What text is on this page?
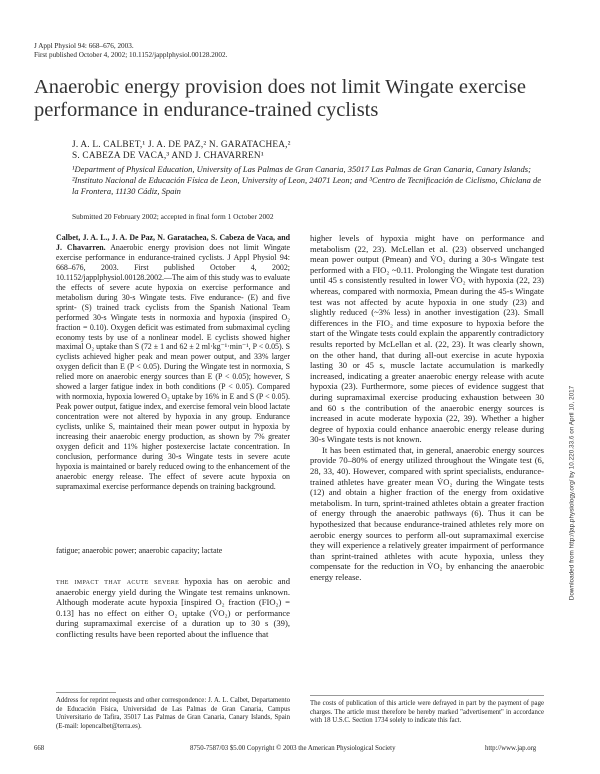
J Appl Physiol 94: 668–676, 2003.
First published October 4, 2002; 10.1152/japplphysiol.00128.2002.
Anaerobic energy provision does not limit Wingate exercise performance in endurance-trained cyclists
J. A. L. CALBET,¹ J. A. DE PAZ,² N. GARATACHEA,²
S. CABEZA DE VACA,³ AND J. CHAVARREN¹
¹Department of Physical Education, University of Las Palmas de Gran Canaria, 35017 Las Palmas de Gran Canaria, Canary Islands; ²Instituto Nacional de Educación Física de Leon, University of Leon, 24071 Leon; and ³Centro de Tecnificación de Ciclismo, Chiclana de la Frontera, 11130 Cádiz, Spain
Submitted 20 February 2002; accepted in final form 1 October 2002
Calbet, J. A. L., J. A. De Paz, N. Garatachea, S. Cabeza de Vaca, and J. Chavarren. Anaerobic energy provision does not limit Wingate exercise performance in endurance-trained cyclists. J Appl Physiol 94: 668–676, 2003. First published October 4, 2002; 10.1152/japplphysiol.00128.2002.—The aim of this study was to evaluate the effects of severe acute hypoxia on exercise performance and metabolism during 30-s Wingate tests. Five endurance- (E) and five sprint- (S) trained track cyclists from the Spanish National Team performed 30-s Wingate tests in normoxia and hypoxia (inspired O₂ fraction = 0.10). Oxygen deficit was estimated from submaximal cycling economy tests by use of a nonlinear model. E cyclists showed higher maximal O₂ uptake than S (72 ± 1 and 62 ± 2 ml·kg⁻¹·min⁻¹, P < 0.05). S cyclists achieved higher peak and mean power output, and 33% larger oxygen deficit than E (P < 0.05). During the Wingate test in normoxia, S relied more on anaerobic energy sources than E (P < 0.05); however, S showed a larger fatigue index in both conditions (P < 0.05). Compared with normoxia, hypoxia lowered O₂ uptake by 16% in E and S (P < 0.05). Peak power output, fatigue index, and exercise femoral vein blood lactate concentration were not altered by hypoxia in any group. Endurance cyclists, unlike S, maintained their mean power output in hypoxia by increasing their anaerobic energy production, as shown by 7% greater oxygen deficit and 11% higher postexercise lactate concentration. In conclusion, performance during 30-s Wingate tests in severe acute hypoxia is maintained or barely reduced owing to the enhancement of the anaerobic energy release. The effect of severe acute hypoxia on supramaximal exercise performance depends on training background.
fatigue; anaerobic power; anaerobic capacity; lactate
the impact that acute severe hypoxia has on aerobic and anaerobic energy yield during the Wingate test remains unknown. Although moderate acute hypoxia [inspired O₂ fraction (FIO₂) = 0.13] has no effect on either O₂ uptake (V̇O₂) or performance during supramaximal exercise of a duration up to 30 s (39), conflicting results have been reported about the influence that
higher levels of hypoxia might have on performance and metabolism (22, 23). McLellan et al. (23) observed unchanged mean power output (Pmean) and V̇O₂ during a 30-s Wingate test performed with a FIO₂ ~0.11. Prolonging the Wingate test duration until 45 s consistently resulted in lower V̇O₂ with hypoxia (22, 23) whereas, compared with normoxia, Pmean during the 45-s Wingate test was not affected by acute hypoxia in one study (23) and slightly reduced (~3% less) in another investigation (23). Small differences in the FIO₂ and time exposure to hypoxia before the start of the Wingate tests could explain the apparently contradictory results reported by McLellan et al. (22, 23). It was clearly shown, on the other hand, that during all-out exercise in acute hypoxia lasting 30 or 45 s, muscle lactate accumulation is markedly increased, indicating a greater anaerobic energy release with acute hypoxia (23). Furthermore, some pieces of evidence suggest that during supramaximal exercise producing exhaustion between 30 and 60 s the contribution of the anaerobic energy sources is increased in acute moderate hypoxia (22, 39). Whether a higher degree of hypoxia could enhance anaerobic energy release during 30-s Wingate tests is not known.
It has been estimated that, in general, anaerobic energy sources provide 70–80% of energy utilized throughout the Wingate test (6, 28, 33, 40). However, compared with sprint specialists, endurance-trained athletes have greater mean V̇O₂ during the Wingate tests (12) and obtain a higher fraction of the energy from oxidative metabolism. In turn, sprint-trained athletes obtain a greater fraction of energy through the anaerobic pathways (6). Thus it can be hypothesized that because endurance-trained athletes rely more on aerobic energy sources to perform all-out supramaximal exercise they will experience a relatively greater impairment of performance than sprint-trained athletes with acute hypoxia, unless they compensate for the reduction in V̇O₂ by enhancing the anaerobic energy release.
Address for reprint requests and other correspondence: J. A. L. Calbet, Departamento de Educación Física, Universidad de Las Palmas de Gran Canaria, Campus Universitario de Tafira, 35017 Las Palmas de Gran Canaria, Canary Islands, Spain (E-mail: lopencalbet@terra.es).
The costs of publication of this article were defrayed in part by the payment of page charges. The article must therefore be hereby marked "advertisement" in accordance with 18 U.S.C. Section 1734 solely to indicate this fact.
668	8750-7587/03 $5.00 Copyright © 2003 the American Physiological Society	http://www.jap.org
Downloaded from http://jap.physiology.org/ by 10.220.33.6 on April 10, 2017
